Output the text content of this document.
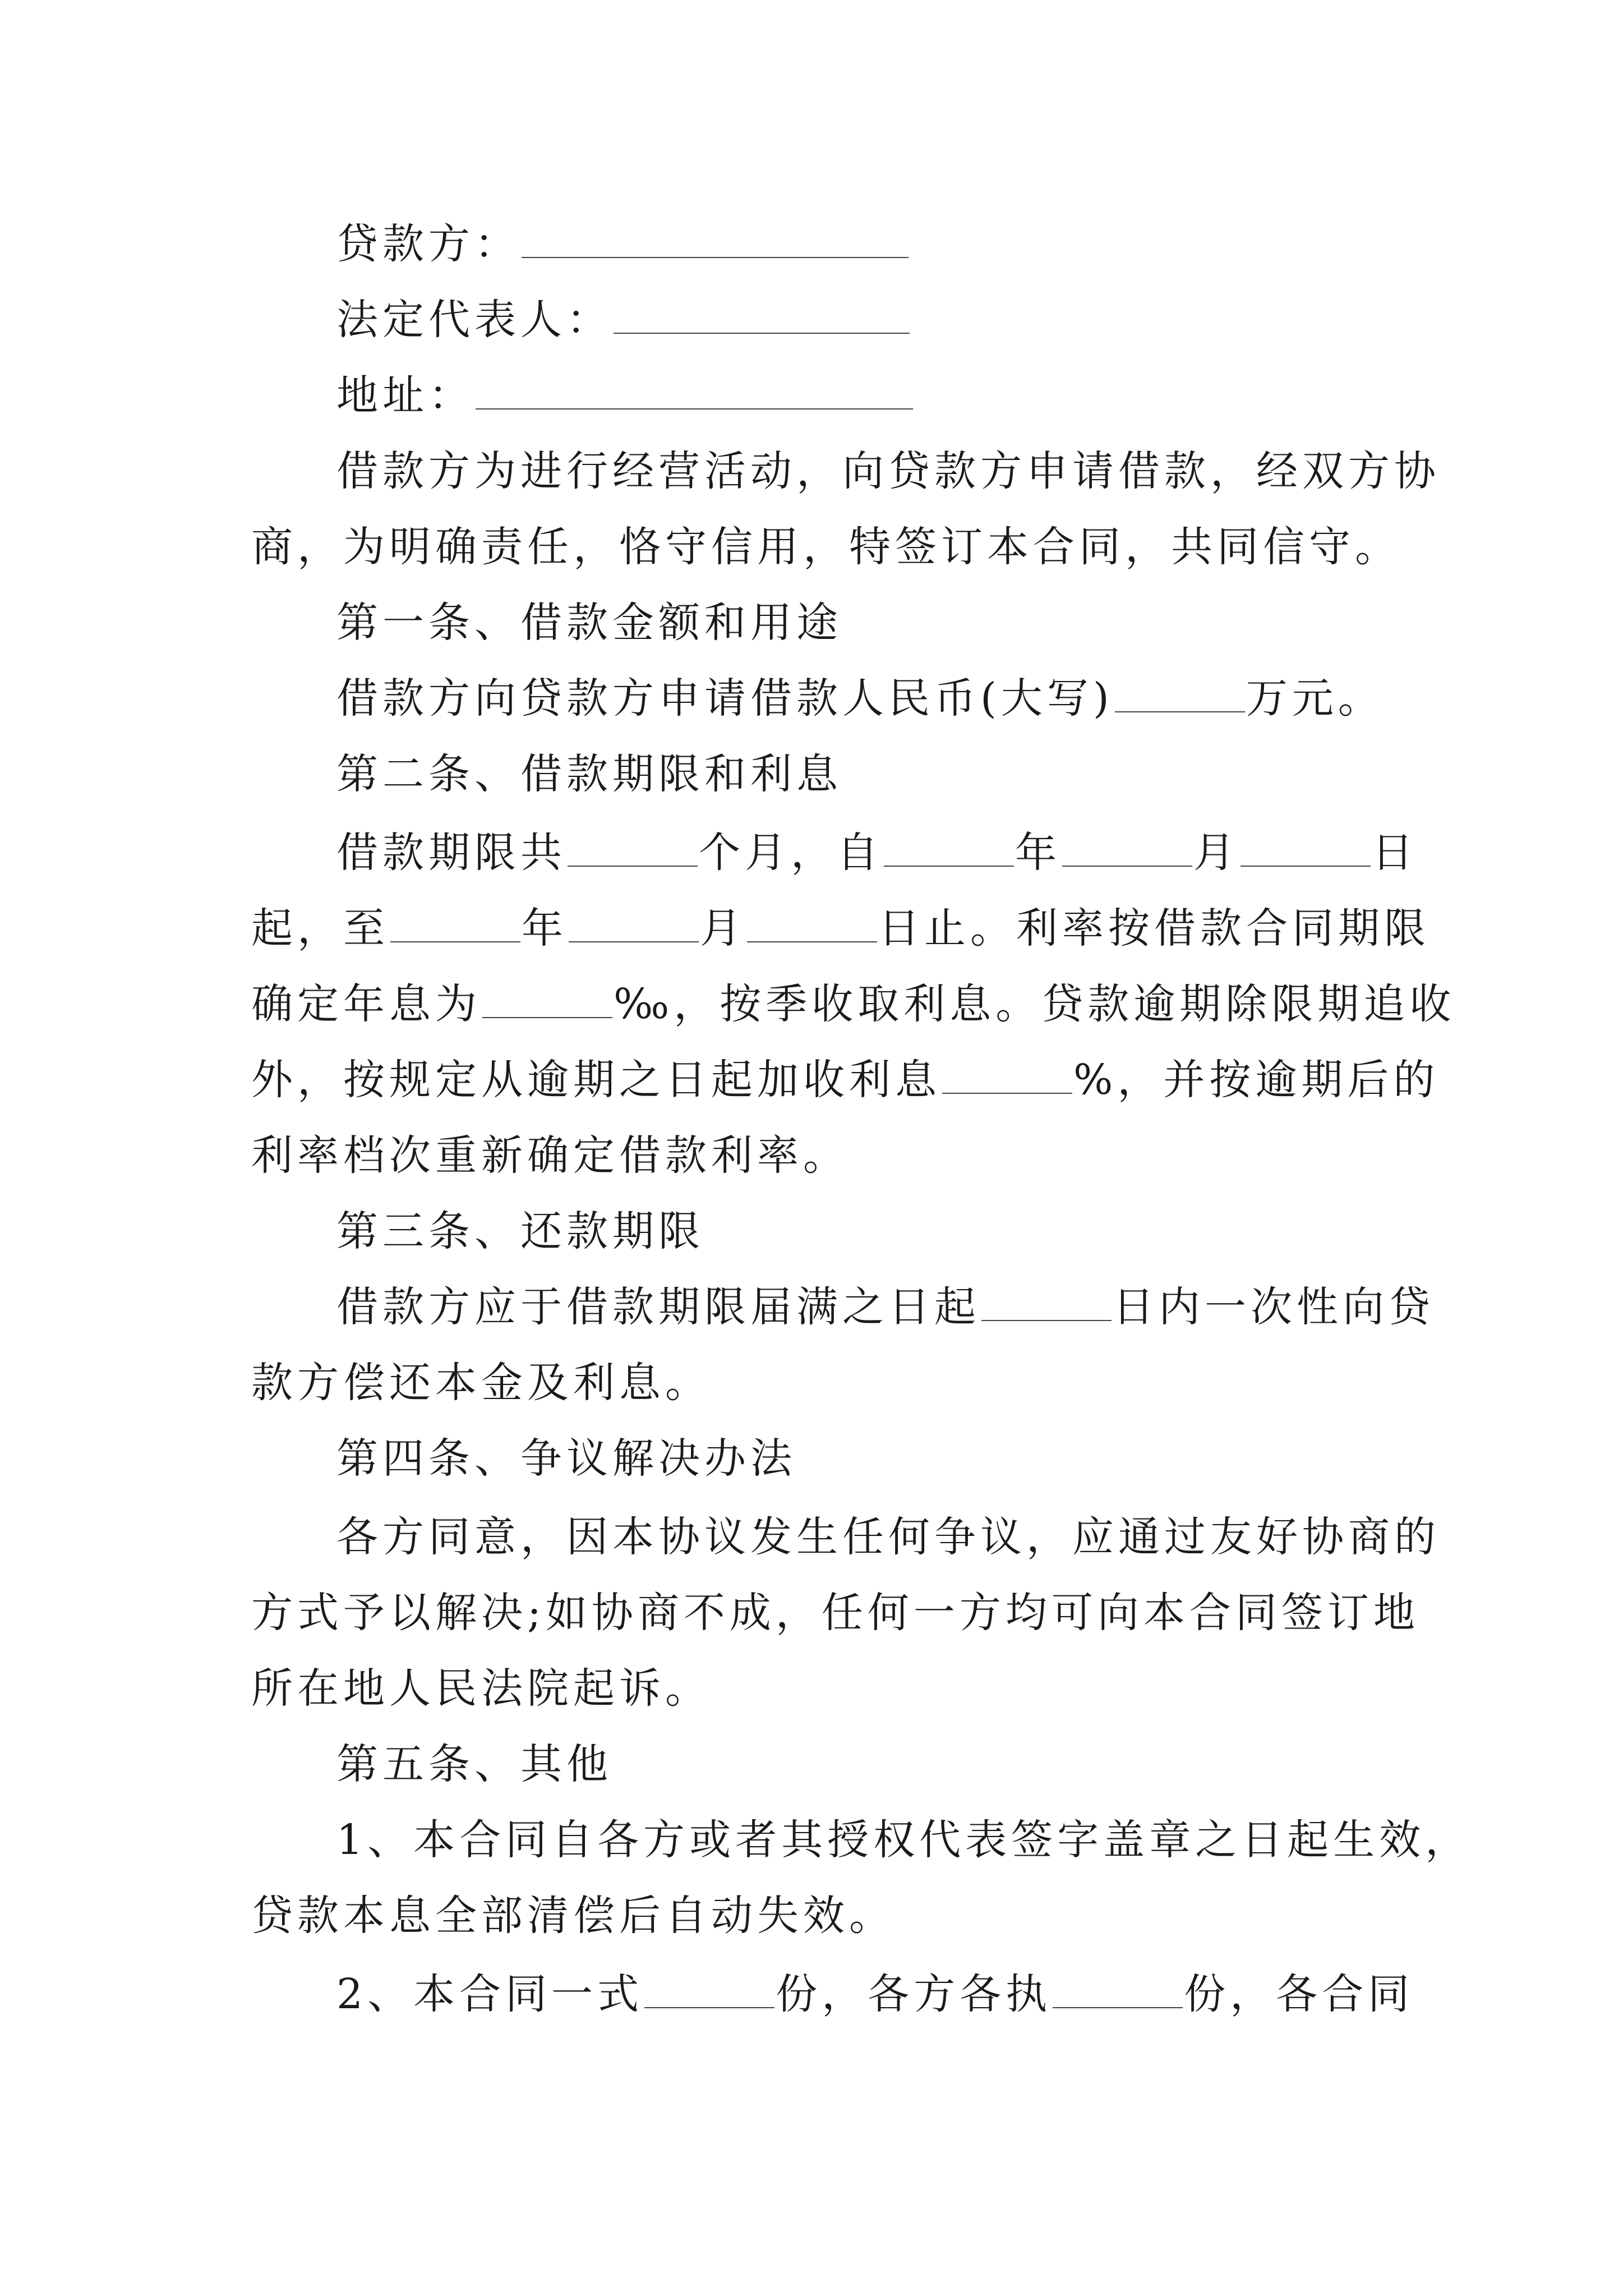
贷款方：
法定代表人：
地址：
借款方为进行经营活动，向贷款方申请借款，经双方协
商，为明确责任，恪守信用，特签订本合同，共同信守。
第一条、借款金额和用途
借款方向贷款方申请借款人民币(大写)	万元。
第二条、借款期限和利息
借款期限共	个月，自	年	月	日
起，至	年	月	日止。利率按借款合同期限
确定年息为	‰，按季收取利息。贷款逾期除限期追收
外，按规定从逾期之日起加收利息	%，并按逾期后的
利率档次重新确定借款利率。
第三条、还款期限
借款方应于借款期限届满之日起	日内一次性向贷
款方偿还本金及利息。
第四条、争议解决办法
各方同意，因本协议发生任何争议，应通过友好协商的
方式予以解决;如协商不成，任何一方均可向本合同签订地
所在地人民法院起诉。
第五条、其他
1、本合同自各方或者其授权代表签字盖章之日起生效，
贷款本息全部清偿后自动失效。
2、本合同一式	份，各方各执	份，各合同
